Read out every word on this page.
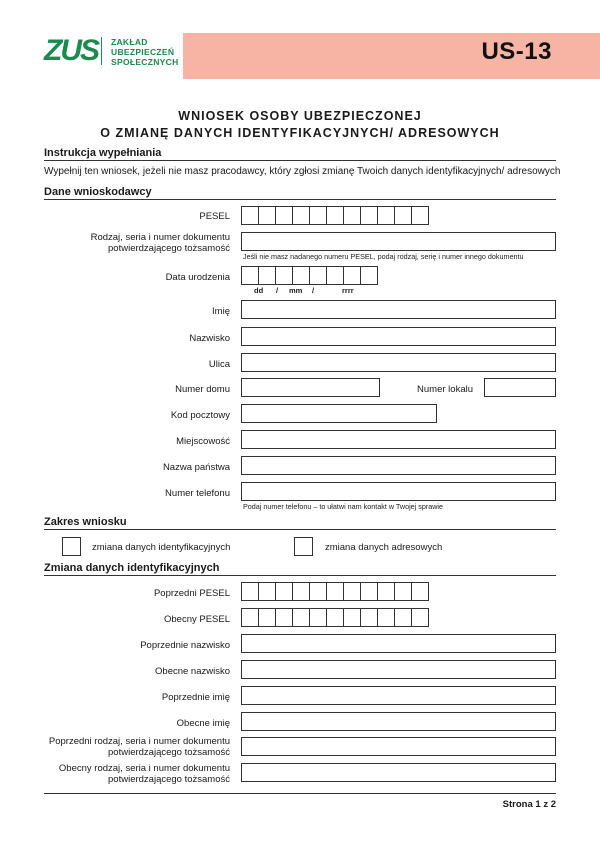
US-13
ZUS ZAKŁAD
UBEZPIECZEŃ
SPOŁECZNYCH
WNIOSEK OSOBY UBEZPIECZONEJ
O ZMIANĘ DANYCH IDENTYFIKACYJNYCH/ ADRESOWYCH
Instrukcja wypełniania
Wypełnij ten wniosek, jeżeli nie masz pracodawcy, który zgłosi zmianę Twoich danych identyfikacyjnych/ adresowych
Dane wnioskodawcy
PESEL
Rodzaj, seria i numer dokumentu
potwierdzającego tożsamość
Jeśli nie masz nadanego numeru PESEL, podaj rodzaj, serię i numer innego dokumentu
Data urodzenia
dd / mm /	rrrr
Imię
Nazwisko
Ulica
Numer domu	Numer lokalu
Kod pocztowy
Miejscowość
Nazwa państwa
Numer telefonu
Podaj numer telefonu – to ułatwi nam kontakt w Twojej sprawie
Zakres wniosku
zmiana danych identyfikacyjnych	zmiana danych adresowych
Zmiana danych identyfikacyjnych
Poprzedni PESEL
Obecny PESEL
Poprzednie nazwisko
Obecne nazwisko
Poprzednie imię
Obecne imię
Poprzedni rodzaj, seria i numer dokumentu
potwierdzającego tożsamość
Obecny rodzaj, seria i numer dokumentu
potwierdzającego tożsamość
Strona 1 z 2
